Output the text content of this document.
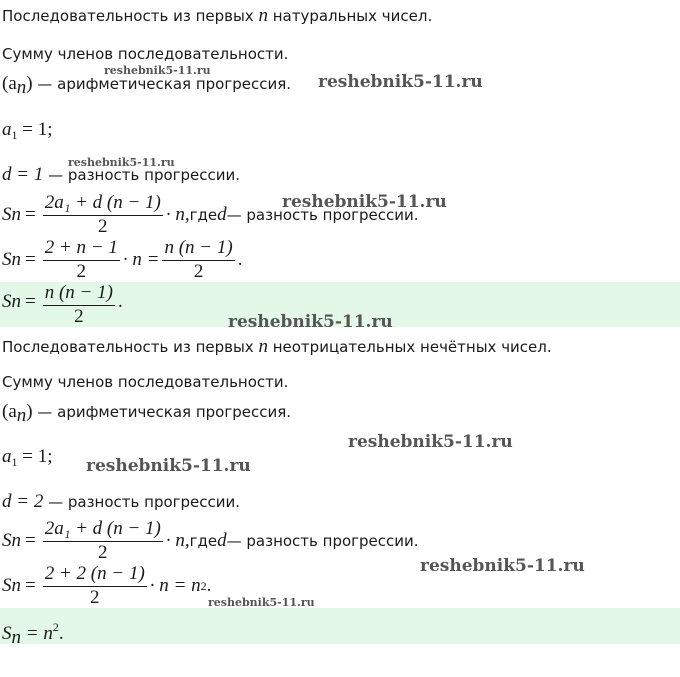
Последовательность из первых n натуральных чисел.
Сумму членов последовательности.
$(a_n)$ — арифметическая прогрессия.
$a_1 = 1$;
d = 1 — разность прогрессии.
S $n = \frac{\text{2a₁ + d (n − 1)}}{2} \cdot n$, где d — разность прогрессии.
S $n = \frac{2 + n - 1}{2} \cdot n = \frac{n (n - 1)}{2}$ .
S $n = \frac{n (n - 1)}{2}$ .
Последовательность из первых n неотрицательных нечётных чисел.
Сумму членов последовательности.
$(a_n)$ — арифметическая прогрессия.
$a_1 = 1$;
d = 2 — разность прогрессии.
S $n = \frac{\text{2a₁ + d (n − 1)}}{2} \cdot n$, где d — разность прогрессии.
S $n = \frac{2 + 2 (n - 1)}{2} \cdot n = n$ 2 .
$S_n = n^2$.
reshebnik5-11.ru
reshebnik5-11.ru
reshebnik5-11.ru
reshebnik5-11.ru
reshebnik5-11.ru
reshebnik5-11.ru
reshebnik5-11.ru
reshebnik5-11.ru
reshebnik5-11.ru
